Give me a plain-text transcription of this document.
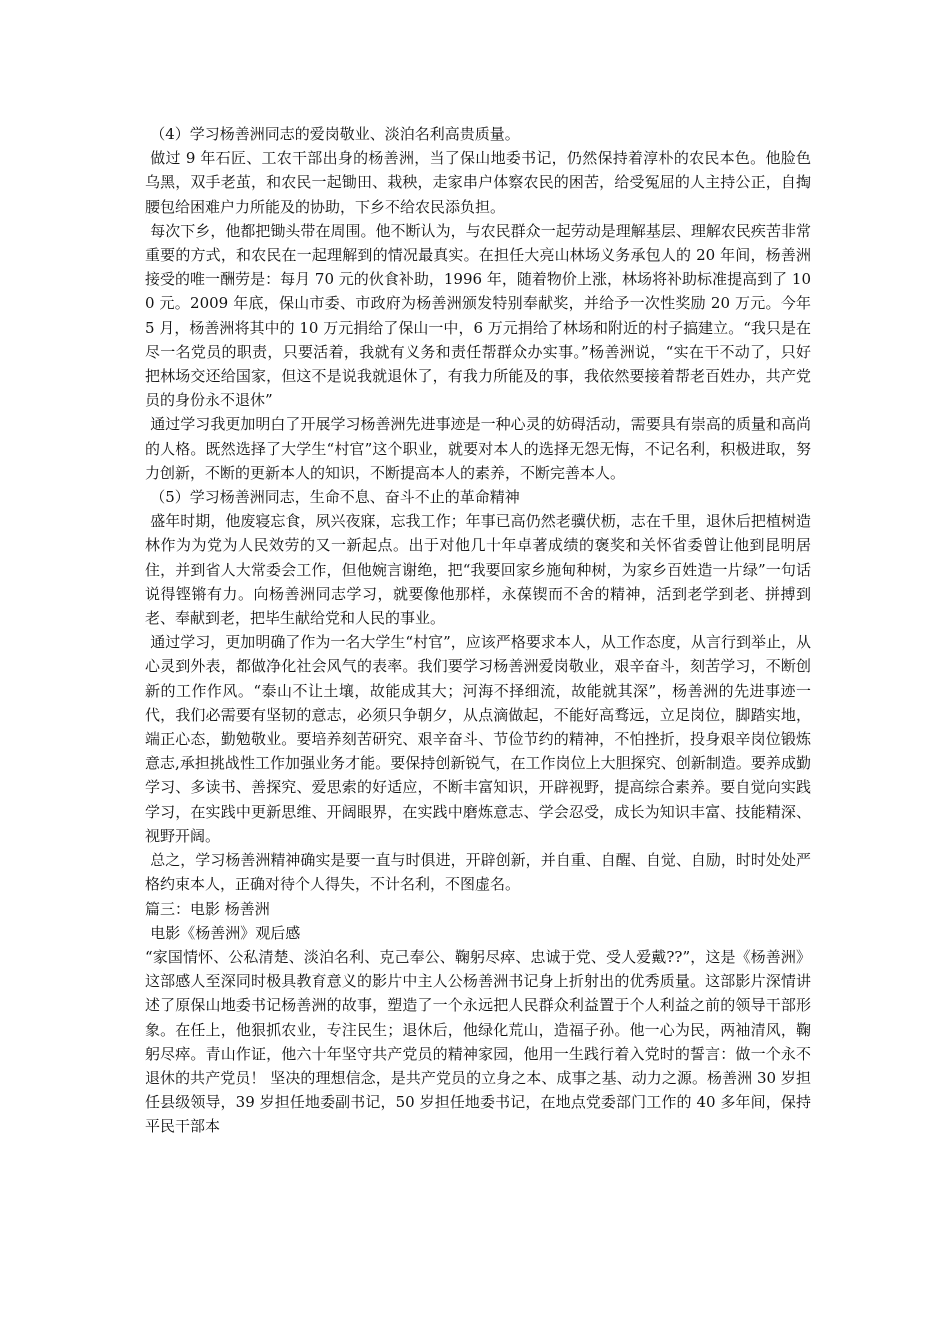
（4）学习杨善洲同志的爱岗敬业、淡泊名利高贵质量。

做过 9 年石匠、工农干部出身的杨善洲，当了保山地委书记，仍然保持着淳朴的农民本色。他脸色乌黑，双手老茧，和农民一起锄田、栽秧，走家串户体察农民的困苦，给受冤屈的人主持公正，自掏腰包给困难户力所能及的协助，下乡不给农民添负担。

每次下乡，他都把锄头带在周围。他不断认为，与农民群众一起劳动是理解基层、理解农民疾苦非常重要的方式，和农民在一起理解到的情况最真实。在担任大亮山林场义务承包人的 20 年间，杨善洲接受的唯一酬劳是：每月 70 元的伙食补助，1996 年，随着物价上涨，林场将补助标准提高到了 100 元。2009 年底，保山市委、市政府为杨善洲颁发特别奉献奖，并给予一次性奖励 20 万元。今年 5 月，杨善洲将其中的 10 万元捐给了保山一中，6 万元捐给了林场和附近的村子搞建立。“我只是在尽一名党员的职责，只要活着，我就有义务和责任帮群众办实事。”杨善洲说，“实在干不动了，只好把林场交还给国家，但这不是说我就退休了，有我力所能及的事，我依然要接着帮老百姓办，共产党员的身份永不退休”

通过学习我更加明白了开展学习杨善洲先进事迹是一种心灵的妨碍活动，需要具有崇高的质量和高尚的人格。既然选择了大学生“村官”这个职业，就要对本人的选择无怨无悔，不记名利，积极进取，努力创新，不断的更新本人的知识，不断提高本人的素养，不断完善本人。

（5）学习杨善洲同志，生命不息、奋斗不止的革命精神

盛年时期，他废寝忘食，夙兴夜寐，忘我工作；年事已高仍然老骥伏枥，志在千里，退休后把植树造林作为为党为人民效劳的又一新起点。出于对他几十年卓著成绩的褒奖和关怀省委曾让他到昆明居住，并到省人大常委会工作，但他婉言谢绝，把“我要回家乡施甸种树，为家乡百姓造一片绿”一句话说得铿锵有力。向杨善洲同志学习，就要像他那样，永葆锲而不舍的精神，活到老学到老、拼搏到老、奉献到老，把毕生献给党和人民的事业。

通过学习，更加明确了作为一名大学生“村官”，应该严格要求本人，从工作态度，从言行到举止，从心灵到外表，都做净化社会风气的表率。我们要学习杨善洲爱岗敬业，艰辛奋斗，刻苦学习，不断创新的工作作风。“泰山不让土壤，故能成其大；河海不择细流，故能就其深”，杨善洲的先进事迹一代，我们必需要有坚韧的意志，必须只争朝夕，从点滴做起，不能好高骛远，立足岗位，脚踏实地，端正心态，勤勉敬业。要培养刻苦研究、艰辛奋斗、节俭节约的精神，不怕挫折，投身艰辛岗位锻炼意志,承担挑战性工作加强业务才能。要保持创新锐气，在工作岗位上大胆探究、创新制造。要养成勤学习、多读书、善探究、爱思索的好适应，不断丰富知识，开辟视野，提高综合素养。要自觉向实践学习，在实践中更新思维、开阔眼界，在实践中磨炼意志、学会忍受，成长为知识丰富、技能精深、视野开阔。

总之，学习杨善洲精神确实是要一直与时俱进，开辟创新，并自重、自醒、自觉、自励，时时处处严格约束本人，正确对待个人得失，不计名利，不图虚名。

篇三：电影 杨善洲

电影《杨善洲》观后感

“家国情怀、公私清楚、淡泊名利、克己奉公、鞠躬尽瘁、忠诚于党、受人爱戴??”，这是《杨善洲》这部感人至深同时极具教育意义的影片中主人公杨善洲书记身上折射出的优秀质量。这部影片深情讲述了原保山地委书记杨善洲的故事，塑造了一个永远把人民群众利益置于个人利益之前的领导干部形象。在任上，他狠抓农业，专注民生；退休后，他绿化荒山，造福子孙。他一心为民，两袖清风，鞠躬尽瘁。青山作证，他六十年坚守共产党员的精神家园，他用一生践行着入党时的誓言：做一个永不退休的共产党员！ 坚决的理想信念，是共产党员的立身之本、成事之基、动力之源。杨善洲 30 岁担任县级领导，39 岁担任地委副书记，50 岁担任地委书记，在地点党委部门工作的 40 多年间，保持平民干部本
